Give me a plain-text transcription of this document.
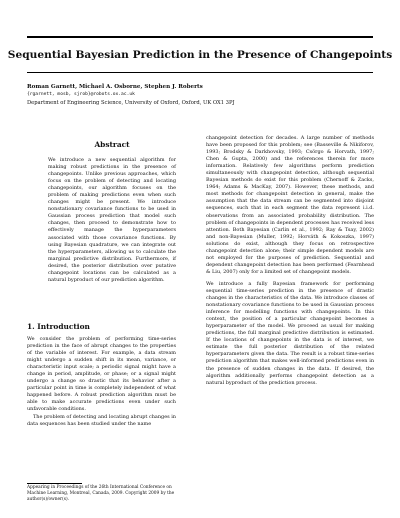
Sequential Bayesian Prediction in the Presence of Changepoints
Roman Garnett, Michael A. Osborne, Stephen J. Roberts
{rgarnett, mosb, sjrob}@robots.ox.ac.uk
Department of Engineering Science, University of Oxford, Oxford, UK OX1 3PJ
Abstract

We introduce a new sequential algorithm for making robust predictions in the presence of changepoints. Unlike previous approaches, which focus on the problem of detecting and locating changepoints, our algorithm focuses on the problem of making predictions even when such changes might be present. We introduce nonstationary covariance functions to be used in Gaussian process prediction that model such changes, then proceed to demonstrate how to effectively manage the hyperparameters associated with those covariance functions. By using Bayesian quadrature, we can integrate out the hyperparameters, allowing us to calculate the marginal predictive distribution. Furthermore, if desired, the posterior distribution over putative changepoint locations can be calculated as a natural byproduct of our prediction algorithm.

1. Introduction

We consider the problem of performing time-series prediction in the face of abrupt changes to the properties of the variable of interest. For example, a data stream might undergo a sudden shift in its mean, variance, or characteristic input scale; a periodic signal might have a change in period, amplitude, or phase; or a signal might undergo a change so drastic that its behavior after a particular point in time is completely independent of what happened before. A robust prediction algorithm must be able to make accurate predictions even under such unfavorable conditions.

The problem of detecting and locating abrupt changes in data sequences has been studied under the name

changepoint detection for decades. A large number of methods have been proposed for this problem; see (Basseville & Nikiforov, 1993; Brodsky & Darkhovsky, 1993; Csörgo & Horvath, 1997; Chen & Gupta, 2000) and the references therein for more information. Relatively few algorithms perform prediction simultaneously with changepoint detection, although sequential Bayesian methods do exist for this problem (Chernoff & Zacks, 1964; Adams & MacKay, 2007). However, these methods, and most methods for changepoint detection in general, make the assumption that the data stream can be segmented into disjoint sequences, such that in each segment the data represent i.i.d. observations from an associated probability distribution. The problem of changepoints in dependent processes has received less attention. Both Bayesian (Carlin et al., 1992; Ray & Tsay, 2002) and non-Bayesian (Muller, 1992; Horváth & Kokoszka, 1997) solutions do exist, although they focus on retrospective changepoint detection alone; their simple dependent models are not employed for the purposes of prediction. Sequential and dependent changepoint detection has been performed (Fearnhead & Liu, 2007) only for a limited set of changepoint models.

We introduce a fully Bayesian framework for performing sequential time-series prediction in the presence of drastic changes in the characteristics of the data. We introduce classes of nonstationary covariance functions to be used in Gaussian process inference for modelling functions with changepoints. In this context, the position of a particular changepoint becomes a hyperparameter of the model. We proceed as usual for making predictions, the full marginal predictive distribution is estimated. If the locations of changepoints in the data is of interest, we estimate the full posterior distribution of the related hyperparameters given the data. The result is a robust time-series prediction algorithm that makes well-informed predictions even in the presence of sudden changes in the data. If desired, the algorithm additionally performs changepoint detection as a natural byproduct of the prediction process.

Appearing in Proceedings of the 26th International Conference on Machine Learning, Montreal, Canada, 2009. Copyright 2009 by the author(s)/owner(s).
